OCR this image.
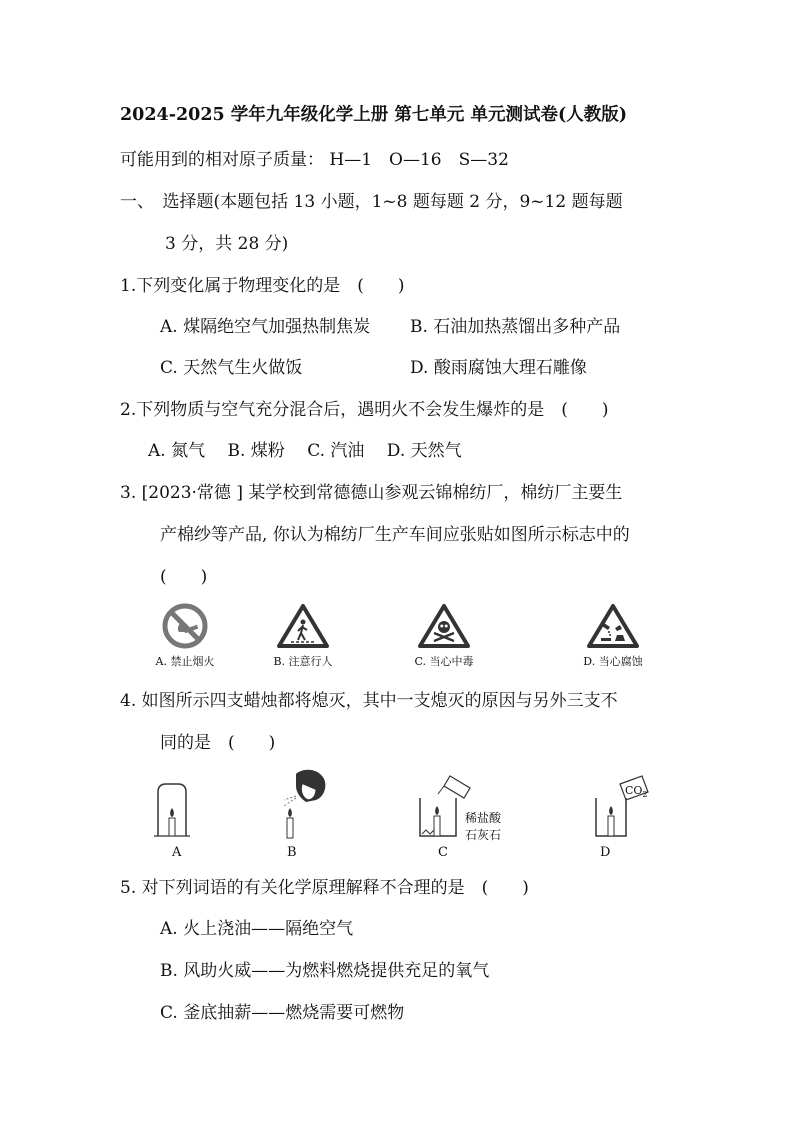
2024-2025 学年九年级化学上册 第七单元 单元测试卷(人教版)
可能用到的相对原子质量： H—1　O—16　S—32
一、　选择题(本题包括 13 小题，1~8 题每题 2 分，9~12 题每题
3 分，共 28 分)
1.下列变化属于物理变化的是　(　　)
A. 煤隔绝空气加强热制焦炭 B. 石油加热蒸馏出多种产品
C. 天然气生火做饭	D. 酸雨腐蚀大理石雕像
2.下列物质与空气充分混合后，遇明火不会发生爆炸的是　(　　)
A. 氮气　 B. 煤粉　 C. 汽油　 D. 天然气
3. [2023·常德 ] 某学校到常德德山参观云锦棉纺厂，棉纺厂主要生
产棉纱等产品, 你认为棉纺厂生产车间应张贴如图所示标志中的
(　　)
A. 禁止烟火	B. 注意行人	C. 当心中毒	D. 当心腐蚀
4. 如图所示四支蜡烛都将熄灭，其中一支熄灭的原因与另外三支不
同的是　(　　)
A	B
稀盐酸
石灰石
C
$CO_2$
D
5. 对下列词语的有关化学原理解释不合理的是　(　　)
A. 火上浇油——隔绝空气
B. 风助火威——为燃料燃烧提供充足的氧气
C. 釜底抽薪——燃烧需要可燃物
